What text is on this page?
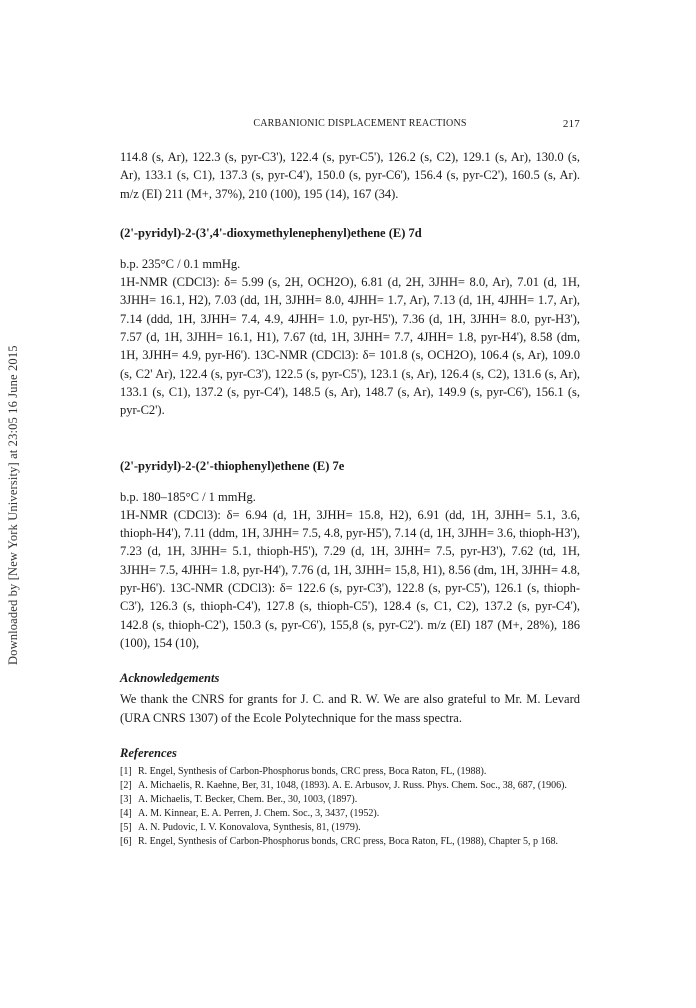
Downloaded by [New York University] at 23:05 16 June 2015
CARBANIONIC DISPLACEMENT REACTIONS	217

114.8 (s, Ar), 122.3 (s, pyr-C3'), 122.4 (s, pyr-C5'), 126.2 (s, C2), 129.1 (s, Ar), 130.0 (s, Ar), 133.1 (s, C1), 137.3 (s, pyr-C4'), 150.0 (s, pyr-C6'), 156.4 (s, pyr-C2'), 160.5 (s, Ar). m/z (EI) 211 (M+, 37%), 210 (100), 195 (14), 167 (34).

(2'-pyridyl)-2-(3',4'-dioxymethylenephenyl)ethene (E) 7d

b.p. 235°C / 0.1 mmHg.

1H-NMR (CDCl3): δ= 5.99 (s, 2H, OCH2O), 6.81 (d, 2H, 3JHH= 8.0, Ar), 7.01 (d, 1H, 3JHH= 16.1, H2), 7.03 (dd, 1H, 3JHH= 8.0, 4JHH= 1.7, Ar), 7.13 (d, 1H, 4JHH= 1.7, Ar), 7.14 (ddd, 1H, 3JHH= 7.4, 4.9, 4JHH= 1.0, pyr-H5'), 7.36 (d, 1H, 3JHH= 8.0, pyr-H3'), 7.57 (d, 1H, 3JHH= 16.1, H1), 7.67 (td, 1H, 3JHH= 7.7, 4JHH= 1.8, pyr-H4'), 8.58 (dm, 1H, 3JHH= 4.9, pyr-H6'). 13C-NMR (CDCl3): δ= 101.8 (s, OCH2O), 106.4 (s, Ar), 109.0 (s, C2' Ar), 122.4 (s, pyr-C3'), 122.5 (s, pyr-C5'), 123.1 (s, Ar), 126.4 (s, C2), 131.6 (s, Ar), 133.1 (s, C1), 137.2 (s, pyr-C4'), 148.5 (s, Ar), 148.7 (s, Ar), 149.9 (s, pyr-C6'), 156.1 (s, pyr-C2').

(2'-pyridyl)-2-(2'-thiophenyl)ethene (E) 7e

b.p. 180–185°C / 1 mmHg.

1H-NMR (CDCl3): δ= 6.94 (d, 1H, 3JHH= 15.8, H2), 6.91 (dd, 1H, 3JHH= 5.1, 3.6, thioph-H4'), 7.11 (ddm, 1H, 3JHH= 7.5, 4.8, pyr-H5'), 7.14 (d, 1H, 3JHH= 3.6, thioph-H3'), 7.23 (d, 1H, 3JHH= 5.1, thioph-H5'), 7.29 (d, 1H, 3JHH= 7.5, pyr-H3'), 7.62 (td, 1H, 3JHH= 7.5, 4JHH= 1.8, pyr-H4'), 7.76 (d, 1H, 3JHH= 15,8, H1), 8.56 (dm, 1H, 3JHH= 4.8, pyr-H6'). 13C-NMR (CDCl3): δ= 122.6 (s, pyr-C3'), 122.8 (s, pyr-C5'), 126.1 (s, thioph-C3'), 126.3 (s, thioph-C4'), 127.8 (s, thioph-C5'), 128.4 (s, C1, C2), 137.2 (s, pyr-C4'), 142.8 (s, thioph-C2'), 150.3 (s, pyr-C6'), 155,8 (s, pyr-C2'). m/z (EI) 187 (M+, 28%), 186 (100), 154 (10),

Acknowledgements

We thank the CNRS for grants for J. C. and R. W. We are also grateful to Mr. M. Levard (URA CNRS 1307) of the Ecole Polytechnique for the mass spectra.

References

[1] R. Engel, Synthesis of Carbon-Phosphorus bonds, CRC press, Boca Raton, FL, (1988).
[2] A. Michaelis, R. Kaehne, Ber, 31, 1048, (1893). A. E. Arbusov, J. Russ. Phys. Chem. Soc., 38, 687, (1906).
[3] A. Michaelis, T. Becker, Chem. Ber., 30, 1003, (1897).
[4] A. M. Kinnear, E. A. Perren, J. Chem. Soc., 3, 3437, (1952).
[5] A. N. Pudovic, I. V. Konovalova, Synthesis, 81, (1979).
[6] R. Engel, Synthesis of Carbon-Phosphorus bonds, CRC press, Boca Raton, FL, (1988), Chapter 5, p 168.
